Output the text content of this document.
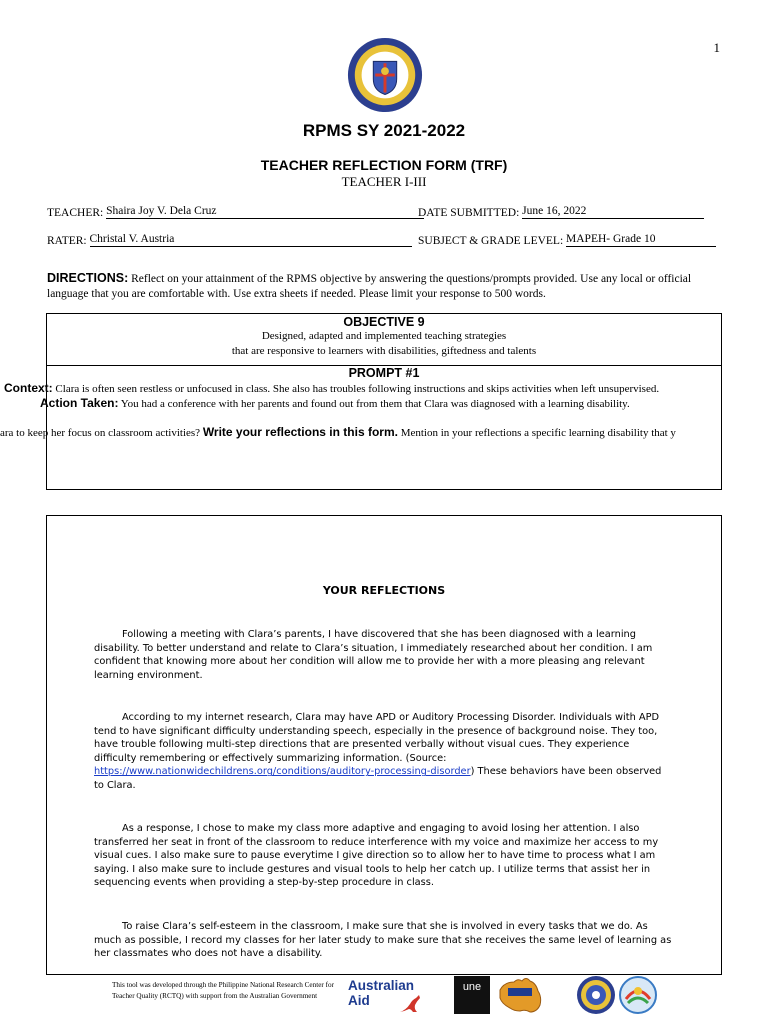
1
RPMS SY 2021-2022
TEACHER REFLECTION FORM (TRF)
TEACHER I-III
TEACHER: Shaira Joy V. Dela Cruz	DATE SUBMITTED: June 16, 2022
RATER: Christal V. Austria	SUBJECT & GRADE LEVEL: MAPEH- Grade 10
DIRECTIONS: Reflect on your attainment of the RPMS objective by answering the questions/prompts provided. Use any local or official language that you are comfortable with. Use extra sheets if needed. Please limit your response to 500 words.
OBJECTIVE 9
Designed, adapted and implemented teaching strategies
that are responsive to learners with disabilities, giftedness and talents
PROMPT #1
Context: Clara is often seen restless or unfocused in class. She also has troubles following instructions and skips activities when left unsupervised.
Action Taken: You had a conference with her parents and found out from them that Clara was diagnosed with a learning disability.
ara to keep her focus on classroom activities? Write your reflections in this form. Mention in your reflections a specific learning disability that y
YOUR REFLECTIONS
Following a meeting with Clara’s parents, I have discovered that she has been diagnosed with a learning disability. To better understand and relate to Clara’s situation, I immediately researched about her condition. I am confident that knowing more about her condition will allow me to provide her with a more pleasing ang relevant learning environment.
According to my internet research, Clara may have APD or Auditory Processing Disorder. Individuals with APD tend to have significant difficulty understanding speech, especially in the presence of background noise. They too, have trouble following multi-step directions that are presented verbally without visual cues. They experience difficulty remembering or effectively summarizing information. (Source: https://www.nationwidechildrens.org/conditions/auditory-processing-disorder) These behaviors have been observed to Clara.
As a response, I chose to make my class more adaptive and engaging to avoid losing her attention. I also transferred her seat in front of the classroom to reduce interference with my voice and maximize her access to my visual cues. I also make sure to pause everytime I give direction so to allow her to have time to process what I am saying. I also make sure to include gestures and visual tools to help her catch up. I utilize terms that assist her in sequencing events when providing a step-by-step procedure in class.
To raise Clara’s self-esteem in the classroom, I make sure that she is involved in every tasks that we do. As much as possible, I record my classes for her later study to make sure that she receives the same level of learning as her classmates who does not have a disability.
This tool was developed through the Philippine National Research Center for Teacher Quality (RCTQ) with support from the Australian Government
Australian
Aid
une
